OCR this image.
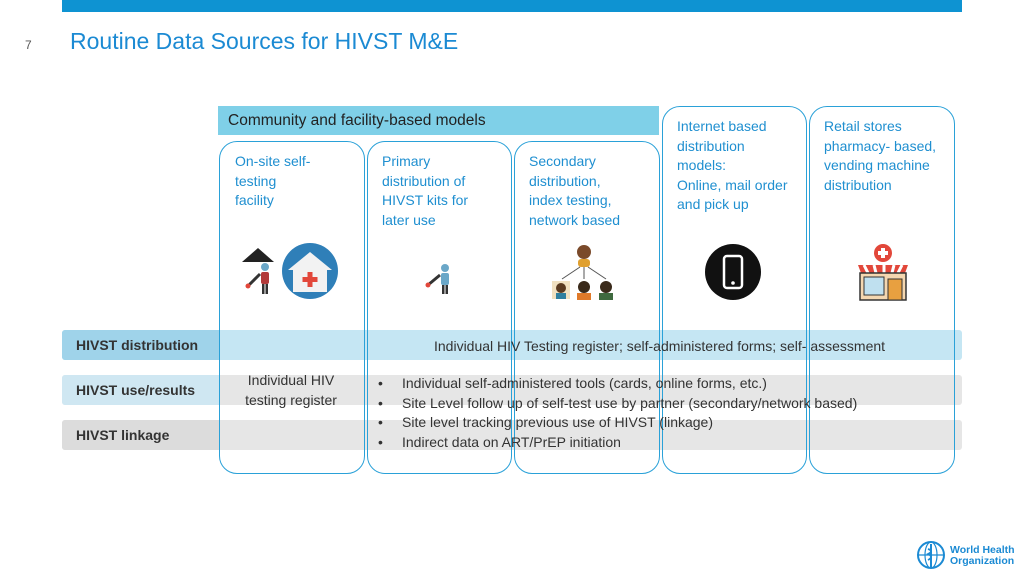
7 Routine Data Sources for HIVST M&E
HIVST distribution
HIVST use/results
HIVST linkage
Community and facility-based models
On-site self-
testing
facility
Primary
distribution of
HIVST kits for
later use
Secondary
distribution,
index testing,
network based
Internet based
distribution
models:
Online, mail order
and pick up
Retail stores
pharmacy- based,
vending machine
distribution
Individual HIV Testing register; self-administered forms; self- assessment
Individual HIV
testing register
• Individual self-administered tools (cards, online forms, etc.)
• Site Level follow up of self-test use by partner (secondary/network based)
• Site level tracking previous use of HIVST (linkage)
• Indirect data on ART/PrEP initiation
World Health
Organization
